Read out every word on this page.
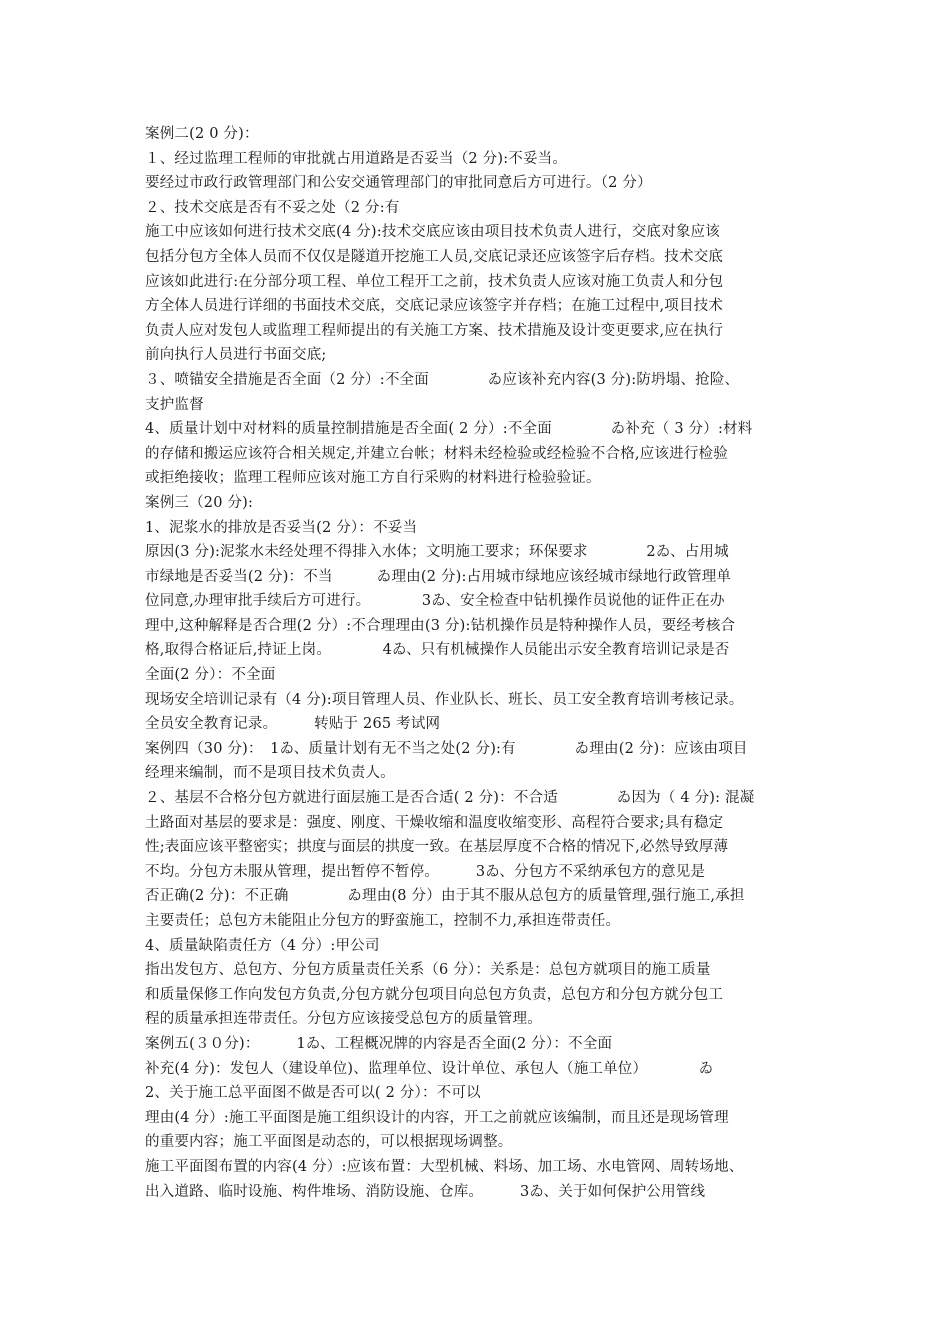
案例二(2 0 分)：
１、经过监理工程师的审批就占用道路是否妥当（2 分):不妥当。
要经过市政行政管理部门和公安交通管理部门的审批同意后方可进行。（2 分）
２、技术交底是否有不妥之处（2 分:有
施工中应该如何进行技术交底(4 分):技术交底应该由项目技术负责人进行，交底对象应该
包括分包方全体人员而不仅仅是隧道开挖施工人员,交底记录还应该签字后存档。技术交底
应该如此进行:在分部分项工程、单位工程开工之前，技术负责人应该对施工负责人和分包
方全体人员进行详细的书面技术交底，交底记录应该签字并存档；在施工过程中,项目技术
负责人应对发包人或监理工程师提出的有关施工方案、技术措施及设计变更要求,应在执行
前向执行人员进行书面交底;
３、喷锚安全措施是否全面（2 分）:不全面　　　　ゐ应该补充内容(3 分):防坍塌、抢险、
支护监督
4、质量计划中对材料的质量控制措施是否全面( 2 分）:不全面　　　　ゐ补充（ 3 分）:材料
的存储和搬运应该符合相关规定,并建立台帐；材料未经检验或经检验不合格,应该进行检验
或拒绝接收；监理工程师应该对施工方自行采购的材料进行检验验证。
案例三（20 分):
1、泥浆水的排放是否妥当(2 分）：不妥当
原因(3 分):泥浆水未经处理不得排入水体；文明施工要求；环保要求　　　　2ゐ、占用城
市绿地是否妥当(2 分)：不当　　　ゐ理由(2 分):占用城市绿地应该经城市绿地行政管理单
位同意,办理审批手续后方可进行。　　　　3ゐ、安全检查中钻机操作员说他的证件正在办
理中,这种解释是否合理(2 分）:不合理理由(3 分):钻机操作员是特种操作人员，要经考核合
格,取得合格证后,持证上岗。　　　　4ゐ、只有机械操作人员能出示安全教育培训记录是否
全面(2 分）：不全面
现场安全培训记录有（4 分):项目管理人员、作业队长、班长、员工安全教育培训考核记录。
全员安全教育记录。　　　转贴于 265 考试网
案例四（30 分)：　1ゐ、质量计划有无不当之处(2 分):有　　　　ゐ理由(2 分)：应该由项目
经理来编制，而不是项目技术负责人。
２、基层不合格分包方就进行面层施工是否合适( 2 分)：不合适　　　　ゐ因为（ 4 分): 混凝
土路面对基层的要求是：强度、刚度、干燥收缩和温度收缩变形、高程符合要求;具有稳定
性;表面应该平整密实；拱度与面层的拱度一致。在基层厚度不合格的情况下,必然导致厚薄
不均。分包方未服从管理，提出暂停不暂停。　　　3ゐ、分包方不采纳承包方的意见是
否正确(2 分)：不正确　　　　ゐ理由(8 分）由于其不服从总包方的质量管理,强行施工,承担
主要责任；总包方未能阻止分包方的野蛮施工，控制不力,承担连带责任。
4、质量缺陷责任方（4 分）:甲公司
指出发包方、总包方、分包方质量责任关系（6 分）：关系是：总包方就项目的施工质量
和质量保修工作向发包方负责,分包方就分包项目向总包方负责，总包方和分包方就分包工
程的质量承担连带责任。分包方应该接受总包方的质量管理。
案例五(３０分)：　　　1ゐ、工程概况牌的内容是否全面(2 分）：不全面
补充(4 分)：发包人（建设单位)、监理单位、设计单位、承包人（施工单位）　　　　ゐ
2、关于施工总平面图不做是否可以( 2 分）：不可以
理由(4 分）:施工平面图是施工组织设计的内容，开工之前就应该编制，而且还是现场管理
的重要内容；施工平面图是动态的，可以根据现场调整。
施工平面图布置的内容(4 分）:应该布置：大型机械、料场、加工场、水电管网、周转场地、
出入道路、临时设施、构件堆场、消防设施、仓库。　　　3ゐ、关于如何保护公用管线
